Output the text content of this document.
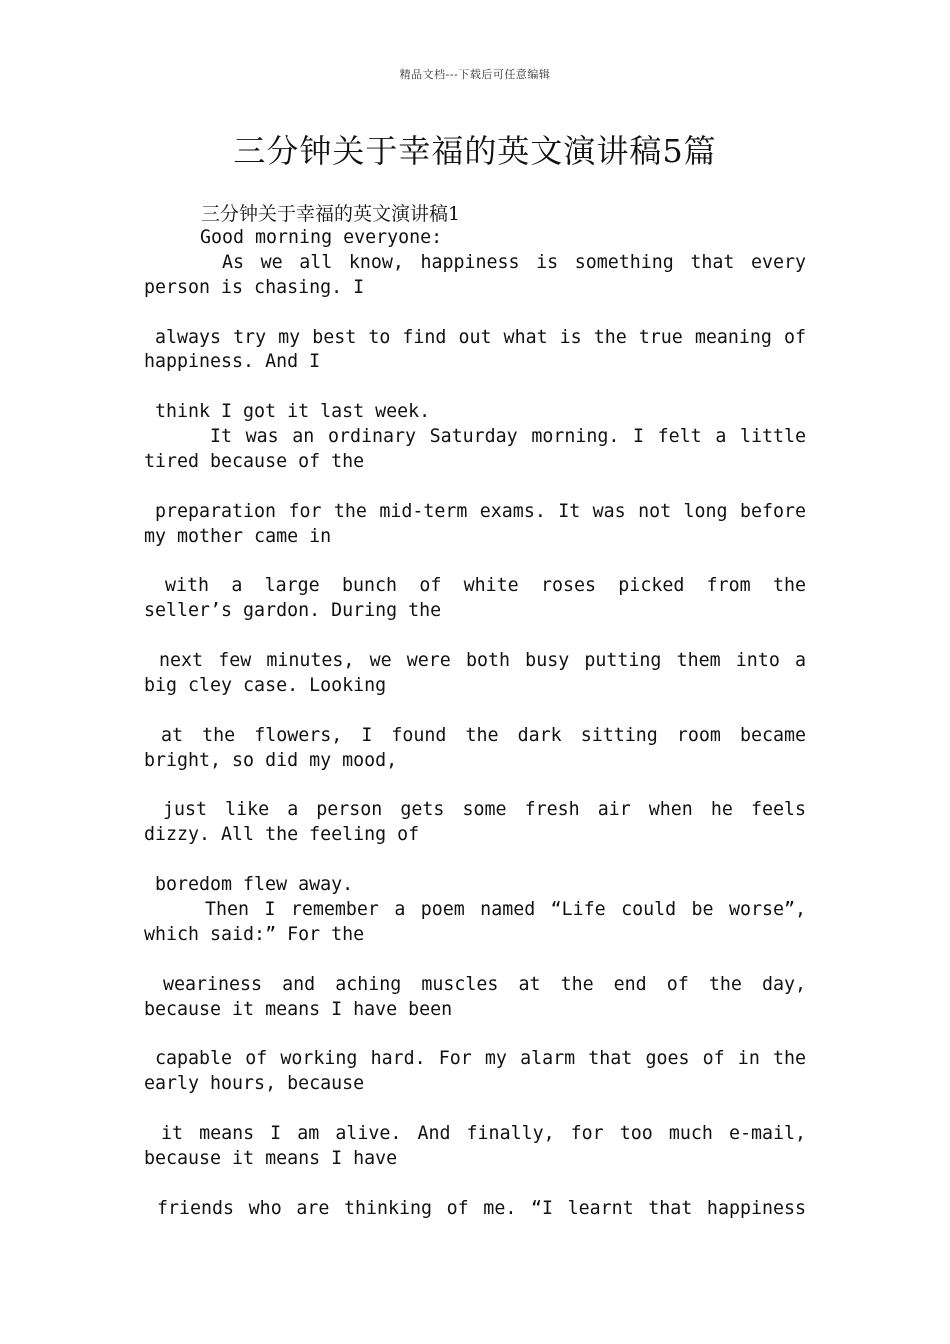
精品文档---下载后可任意编辑
三分钟关于幸福的英文演讲稿5篇

三分钟关于幸福的英文演讲稿1

Good morning everyone:
As we all know, happiness is something that every
person is chasing. I
always try my best to find out what is the true meaning of
happiness. And I
think I got it last week.
It was an ordinary Saturday morning. I felt a little
tired because of the
preparation for the mid-term exams. It was not long before
my mother came in
with a large bunch of white roses picked from the
seller’s gardon. During the
next few minutes, we were both busy putting them into a
big cley case. Looking
at the flowers, I found the dark sitting room became
bright, so did my mood,
just like a person gets some fresh air when he feels
dizzy. All the feeling of
boredom flew away.
Then I remember a poem named “Life could be worse”,
which said:” For the
weariness and aching muscles at the end of the day,
because it means I have been
capable of working hard. For my alarm that goes of in the
early hours, because
it means I am alive. And finally, for too much e-mail,
because it means I have
friends who are thinking of me. “I learnt that happiness
